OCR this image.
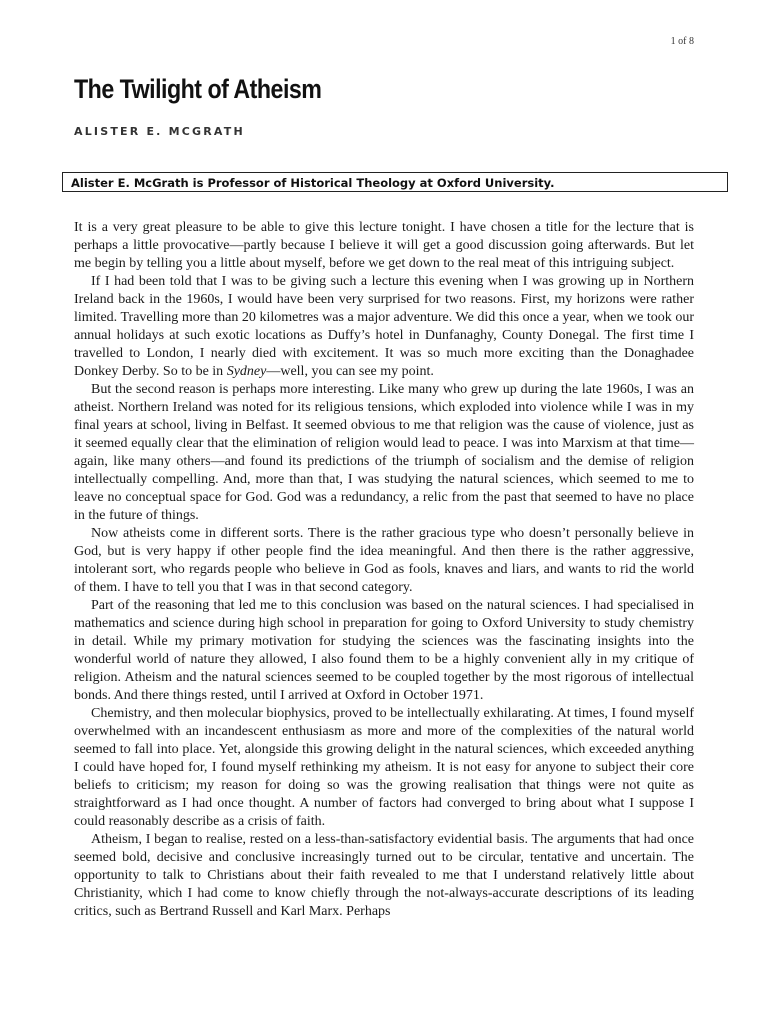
1 of 8
The Twilight of Atheism
ALISTER E. MCGRATH
Alister E. McGrath is Professor of Historical Theology at Oxford University.

It is a very great pleasure to be able to give this lecture tonight. I have chosen a title for the lecture that is perhaps a little provocative—partly because I believe it will get a good discussion going afterwards. But let me begin by telling you a little about myself, before we get down to the real meat of this intriguing subject.

If I had been told that I was to be giving such a lecture this evening when I was growing up in Northern Ireland back in the 1960s, I would have been very surprised for two reasons. First, my horizons were rather limited. Travelling more than 20 kilometres was a major adventure. We did this once a year, when we took our annual holidays at such exotic locations as Duffy’s hotel in Dunfanaghy, County Donegal. The first time I travelled to London, I nearly died with excitement. It was so much more exciting than the Donaghadee Donkey Derby. So to be in Sydney—well, you can see my point.

But the second reason is perhaps more interesting. Like many who grew up during the late 1960s, I was an atheist. Northern Ireland was noted for its religious tensions, which exploded into violence while I was in my final years at school, living in Belfast. It seemed obvious to me that religion was the cause of violence, just as it seemed equally clear that the elimination of religion would lead to peace. I was into Marxism at that time—again, like many others—and found its predictions of the triumph of socialism and the demise of religion intellectually compelling. And, more than that, I was studying the natural sciences, which seemed to me to leave no conceptual space for God. God was a redundancy, a relic from the past that seemed to have no place in the future of things.

Now atheists come in different sorts. There is the rather gracious type who doesn’t personally believe in God, but is very happy if other people find the idea meaningful. And then there is the rather aggressive, intolerant sort, who regards people who believe in God as fools, knaves and liars, and wants to rid the world of them. I have to tell you that I was in that second category.

Part of the reasoning that led me to this conclusion was based on the natural sciences. I had specialised in mathematics and science during high school in preparation for going to Oxford University to study chemistry in detail. While my primary motivation for studying the sciences was the fascinating insights into the wonderful world of nature they allowed, I also found them to be a highly convenient ally in my critique of religion. Atheism and the natural sciences seemed to be coupled together by the most rigorous of intellectual bonds. And there things rested, until I arrived at Oxford in October 1971.

Chemistry, and then molecular biophysics, proved to be intellectually exhilarating. At times, I found myself overwhelmed with an incandescent enthusiasm as more and more of the complexities of the natural world seemed to fall into place. Yet, alongside this growing delight in the natural sciences, which exceeded anything I could have hoped for, I found myself rethinking my atheism. It is not easy for anyone to subject their core beliefs to criticism; my reason for doing so was the growing realisation that things were not quite as straightforward as I had once thought. A number of factors had converged to bring about what I suppose I could reasonably describe as a crisis of faith.

Atheism, I began to realise, rested on a less-than-satisfactory evidential basis. The arguments that had once seemed bold, decisive and conclusive increasingly turned out to be circular, tentative and uncertain. The opportunity to talk to Christians about their faith revealed to me that I understand relatively little about Christianity, which I had come to know chiefly through the not-always-accurate descriptions of its leading critics, such as Bertrand Russell and Karl Marx. Perhaps
